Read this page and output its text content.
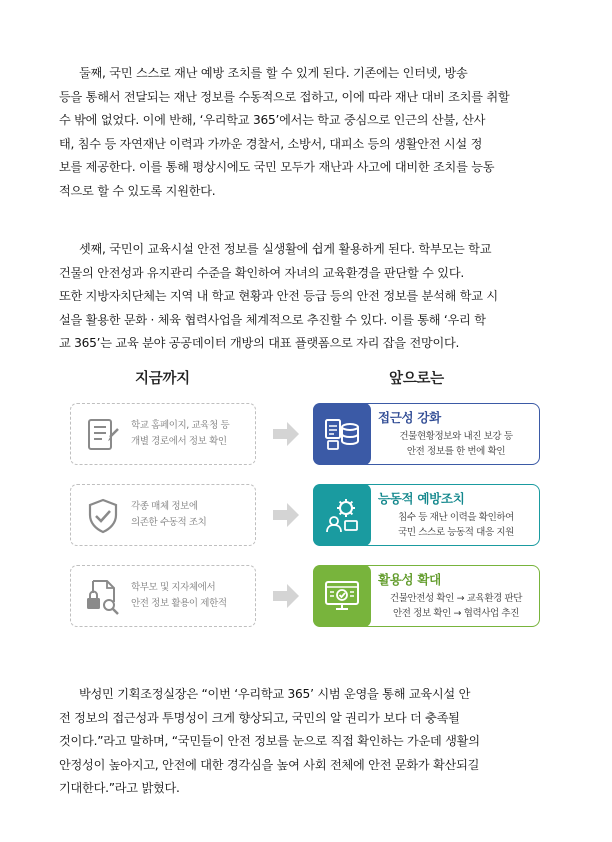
둘째, 국민 스스로 재난 예방 조치를 할 수 있게 된다. 기존에는 인터넷, 방송
등을 통해서 전달되는 재난 정보를 수동적으로 접하고, 이에 따라 재난 대비 조치를 취할
수 밖에 없었다. 이에 반해, ‘우리학교 365’에서는 학교 중심으로 인근의 산불, 산사
태, 침수 등 자연재난 이력과 가까운 경찰서, 소방서, 대피소 등의 생활안전 시설 정
보를 제공한다. 이를 통해 평상시에도 국민 모두가 재난과 사고에 대비한 조치를 능동
적으로 할 수 있도록 지원한다.

셋째, 국민이 교육시설 안전 정보를 실생활에 쉽게 활용하게 된다. 학부모는 학교
건물의 안전성과 유지관리 수준을 확인하여 자녀의 교육환경을 판단할 수 있다.
또한 지방자치단체는 지역 내 학교 현황과 안전 등급 등의 안전 정보를 분석해 학교 시
설을 활용한 문화 · 체육 협력사업을 체계적으로 추진할 수 있다. 이를 통해 ‘우리 학
교 365’는 교육 분야 공공데이터 개방의 대표 플랫폼으로 자리 잡을 전망이다.

지금까지	앞으로는
학교 홈페이지, 교육청 등
개별 경로에서 정보 확인
접근성 강화
건물현황정보와 내진 보강 등
안전 정보를 한 번에 확인
각종 매체 정보에
의존한 수동적 조치
능동적 예방조치
침수 등 재난 이력을 확인하여
국민 스스로 능동적 대응 지원
학부모 및 지자체에서
안전 정보 활용이 제한적
활용성 확대
건물안전성 확인 → 교육환경 판단
안전 정보 확인 → 협력사업 추진

박성민 기획조정실장은 “이번 ‘우리학교 365’ 시범 운영을 통해 교육시설 안
전 정보의 접근성과 투명성이 크게 향상되고, 국민의 알 권리가 보다 더 충족될
것이다.”라고 말하며, “국민들이 안전 정보를 눈으로 직접 확인하는 가운데 생활의
안정성이 높아지고, 안전에 대한 경각심을 높여 사회 전체에 안전 문화가 확산되길
기대한다.”라고 밝혔다.
